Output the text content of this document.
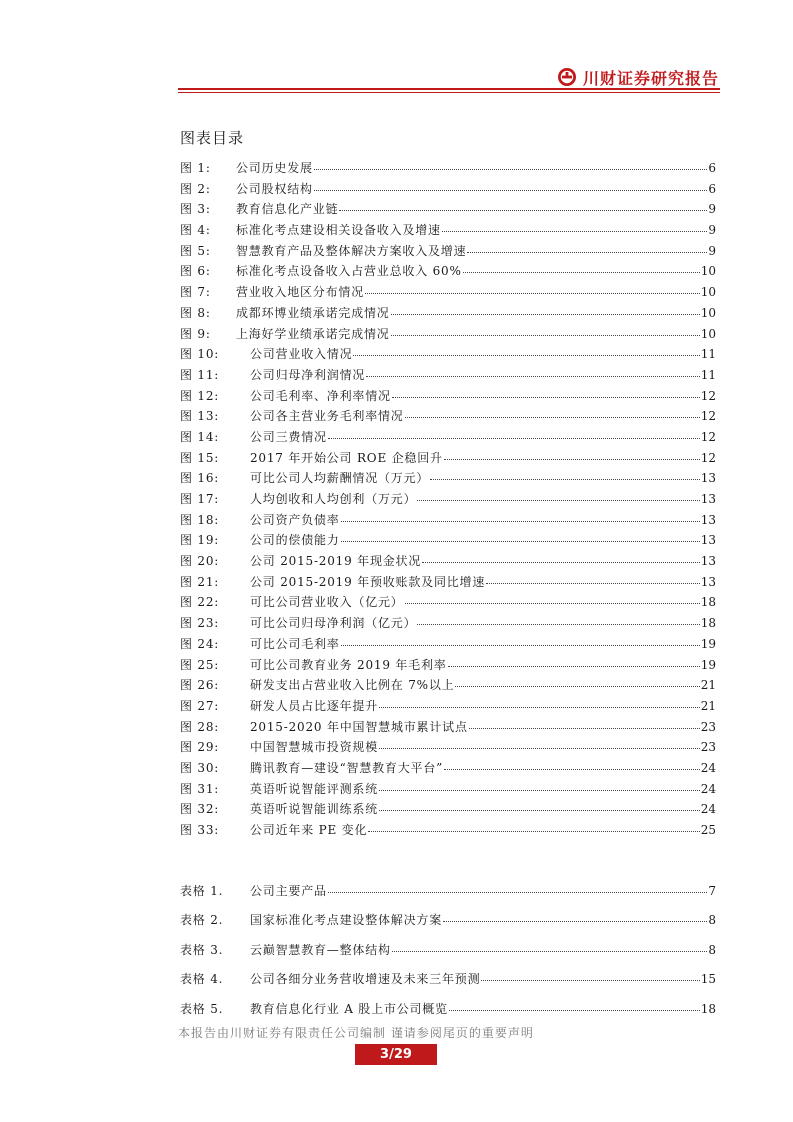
川财证券研究报告
图表目录
图 1:	公司历史发展	6
图 2:	公司股权结构	6
图 3:	教育信息化产业链	9
图 4:	标准化考点建设相关设备收入及增速	9
图 5:	智慧教育产品及整体解决方案收入及增速	9
图 6:	标准化考点设备收入占营业总收入 60%	10
图 7:	营业收入地区分布情况	10
图 8:	成都环博业绩承诺完成情况	10
图 9:	上海好学业绩承诺完成情况	10
图 10:	公司营业收入情况	11
图 11:	公司归母净利润情况	11
图 12:	公司毛利率、净利率情况	12
图 13:	公司各主营业务毛利率情况	12
图 14:	公司三费情况	12
图 15:	2017 年开始公司 ROE 企稳回升	12
图 16:	可比公司人均薪酬情况（万元）	13
图 17:	人均创收和人均创利（万元）	13
图 18:	公司资产负债率	13
图 19:	公司的偿债能力	13
图 20:	公司 2015-2019 年现金状况	13
图 21:	公司 2015-2019 年预收账款及同比增速	13
图 22:	可比公司营业收入（亿元）	18
图 23:	可比公司归母净利润（亿元）	18
图 24:	可比公司毛利率	19
图 25:	可比公司教育业务 2019 年毛利率	19
图 26:	研发支出占营业收入比例在 7%以上	21
图 27:	研发人员占比逐年提升	21
图 28:	2015-2020 年中国智慧城市累计试点	23
图 29:	中国智慧城市投资规模	23
图 30:	腾讯教育—建设“智慧教育大平台”	24
图 31:	英语听说智能评测系统	24
图 32:	英语听说智能训练系统	24
图 33:	公司近年来 PE 变化	25
表格 1.	公司主要产品	7
表格 2.	国家标准化考点建设整体解决方案	8
表格 3.	云巅智慧教育—整体结构	8
表格 4.	公司各细分业务营收增速及未来三年预测	15
表格 5.	教育信息化行业 A 股上市公司概览	18
本报告由川财证券有限责任公司编制 谨请参阅尾页的重要声明
3/29
